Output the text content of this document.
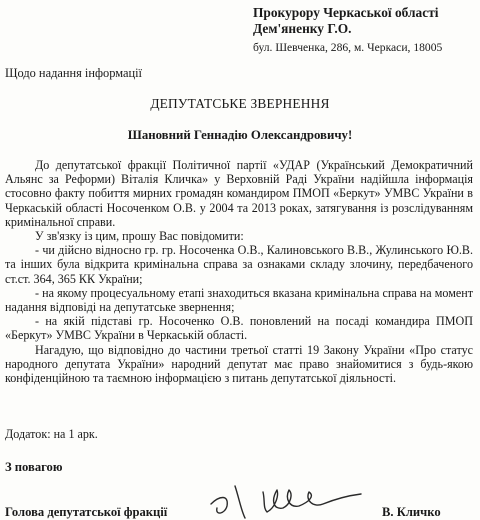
Прокурору Черкаської області
Дем'яненку Г.О.
бул. Шевченка, 286, м. Черкаси, 18005
Щодо надання інформації
ДЕПУТАТСЬКЕ ЗВЕРНЕННЯ
Шановний Геннадію Олександровичу!

До депутатської фракції Політичної партії «УДАР (Український Демократичний Альянс за Реформи) Віталія Кличка» у Верховній Раді України надійшла інформація стосовно факту побиття мирних громадян командиром ПМОП «Беркут» УМВС України в Черкаській області Носоченком О.В. у 2004 та 2013 роках, затягування із розслідуванням кримінальної справи.

У зв'язку із цим, прошу Вас повідомити:

- чи дійсно відносно гр. гр. Носоченка О.В., Калиновського В.В., Жулинського Ю.В. та інших була відкрита кримінальна справа за ознаками складу злочину, передбаченого ст.ст. 364, 365 КК України;

- на якому процесуальному етапі знаходиться вказана кримінальна справа на момент надання відповіді на депутатське звернення;

- на якій підставі гр. Носоченко О.В. поновлений на посаді командира ПМОП «Беркут» УМВС України в Черкаській області.

Нагадую, що відповідно до частини третьої статті 19 Закону України «Про статус народного депутата України» народний депутат має право знайомитися з будь-якою конфіденційною та таємною інформацією з питань депутатської діяльності.

Додаток: на 1 арк.
З повагою
Голова депутатської фракції	В. Кличко
